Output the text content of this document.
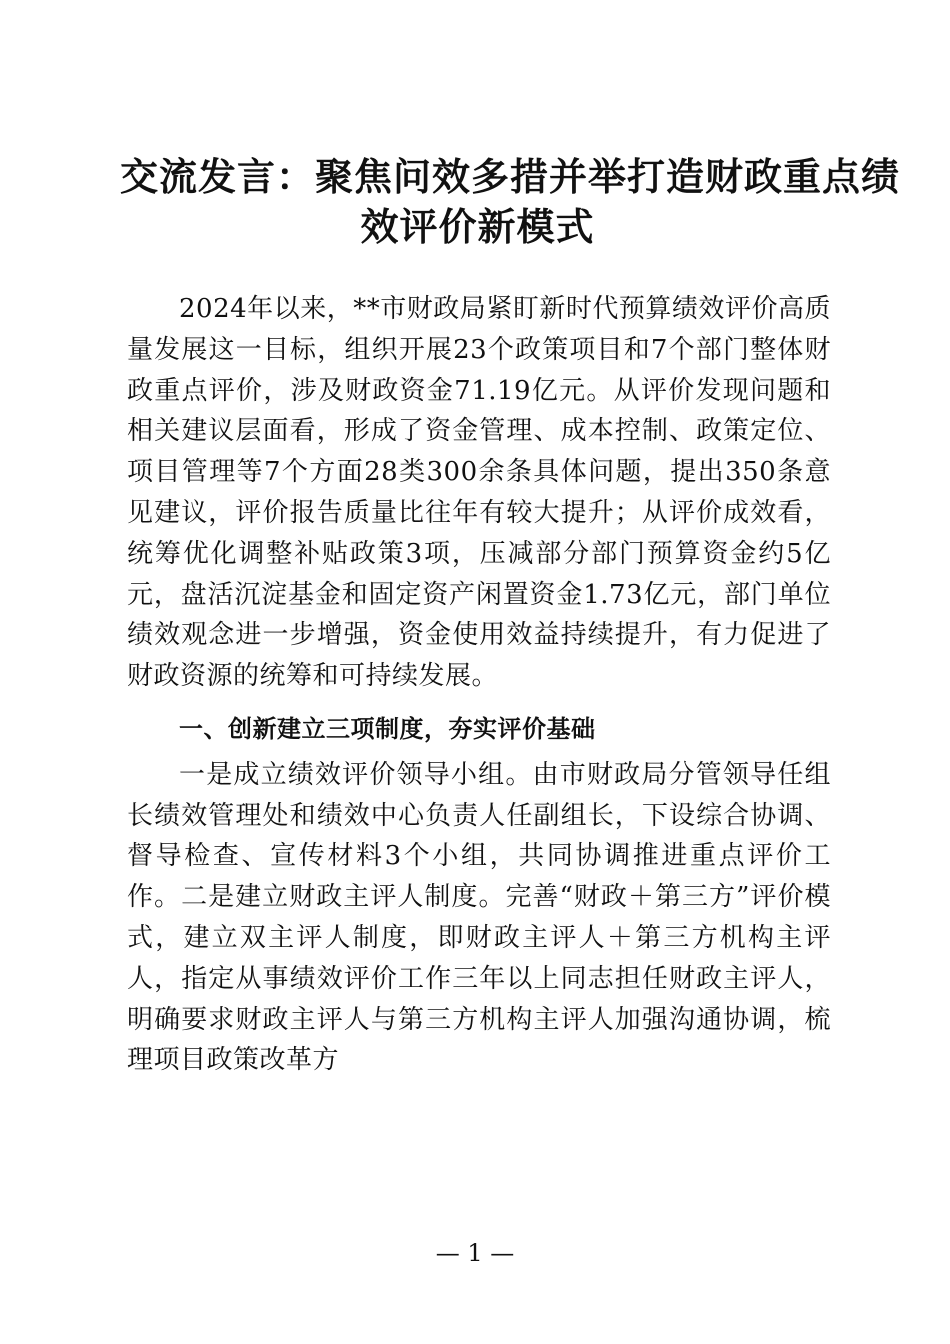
交流发言：聚焦问效多措并举打造财政重点绩
效评价新模式

2024年以来，**市财政局紧盯新时代预算绩效评价高质量发展这一目标，组织开展23个政策项目和7个部门整体财政重点评价，涉及财政资金71.19亿元。从评价发现问题和相关建议层面看，形成了资金管理、成本控制、政策定位、项目管理等7个方面28类300余条具体问题，提出350条意见建议，评价报告质量比往年有较大提升；从评价成效看，统筹优化调整补贴政策3项，压减部分部门预算资金约5亿元，盘活沉淀基金和固定资产闲置资金1.73亿元，部门单位绩效观念进一步增强，资金使用效益持续提升，有力促进了财政资源的统筹和可持续发展。

一、创新建立三项制度，夯实评价基础

一是成立绩效评价领导小组。由市财政局分管领导任组长绩效管理处和绩效中心负责人任副组长，下设综合协调、督导检查、宣传材料3个小组，共同协调推进重点评价工作。二是建立财政主评人制度。完善“财政＋第三方”评价模式，建立双主评人制度，即财政主评人＋第三方机构主评人，指定从事绩效评价工作三年以上同志担任财政主评人，明确要求财政主评人与第三方机构主评人加强沟通协调，梳理项目政策改革方

— 1 —
